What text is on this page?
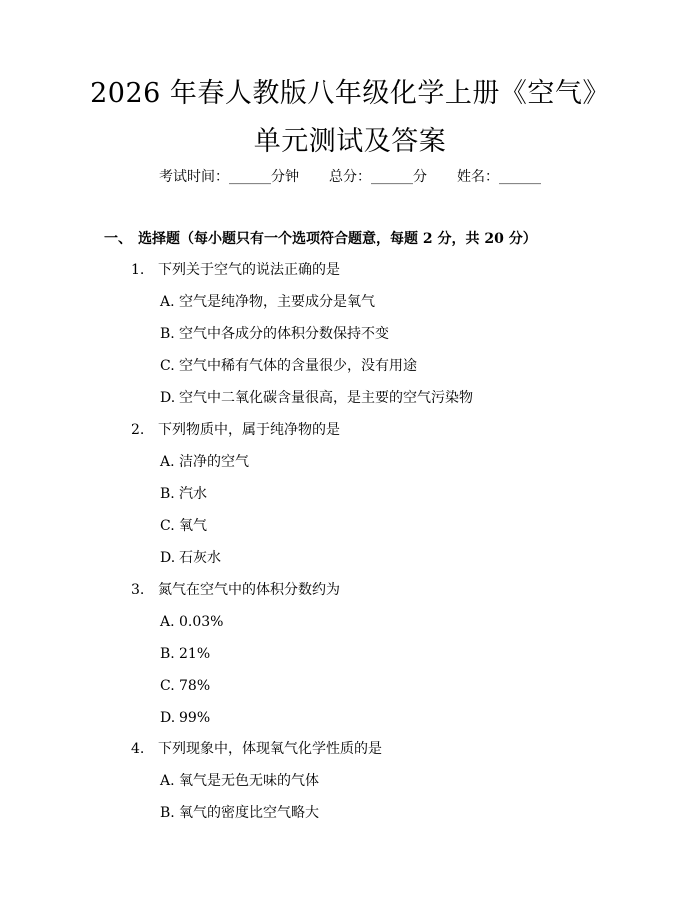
2026 年春人教版八年级化学上册《空气》单元测试及答案
考试时间：______分钟 总分：______分 姓名：______
一、 选择题（每小题只有一个选项符合题意，每题 2 分，共 20 分）
1. 下列关于空气的说法正确的是
A. 空气是纯净物，主要成分是氧气
B. 空气中各成分的体积分数保持不变
C. 空气中稀有气体的含量很少，没有用途
D. 空气中二氧化碳含量很高，是主要的空气污染物
2. 下列物质中，属于纯净物的是
A. 洁净的空气
B. 汽水
C. 氧气
D. 石灰水
3. 氮气在空气中的体积分数约为
A. 0.03%
B. 21%
C. 78%
D. 99%
4. 下列现象中，体现氧气化学性质的是
A. 氧气是无色无味的气体
B. 氧气的密度比空气略大
